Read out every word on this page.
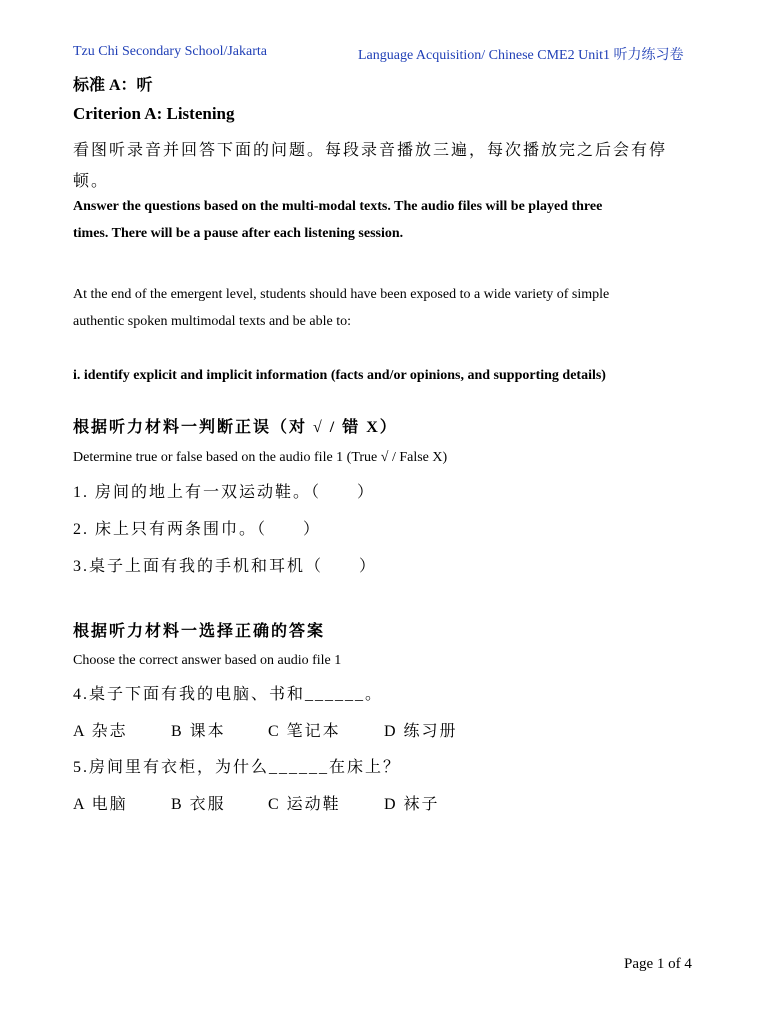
Tzu Chi Secondary School/Jakarta	Language Acquisition/ Chinese CME2 Unit1 听力练习卷
标准 A：听
Criterion A: Listening
看图听录音并回答下面的问题。每段录音播放三遍，每次播放完之后会有停
顿。
Answer the questions based on the multi-modal texts. The audio files will be played three
times. There will be a pause after each listening session.
At the end of the emergent level, students should have been exposed to a wide variety of simple
authentic spoken multimodal texts and be able to:
i. identify explicit and implicit information (facts and/or opinions, and supporting details)
根据听力材料一判断正误（对 √ / 错 X）
Determine true or false based on the audio file 1 (True √ / False X)
1. 房间的地上有一双运动鞋。（　　）
2. 床上只有两条围巾。（　　）
3.桌子上面有我的手机和耳机（　　）
根据听力材料一选择正确的答案
Choose the correct answer based on audio file 1
4.桌子下面有我的电脑、书和______。
A 杂志	B 课本	C 笔记本	D 练习册
5.房间里有衣柜，为什么______在床上？
A 电脑	B 衣服	C 运动鞋	D 袜子
Page 1 of 4
